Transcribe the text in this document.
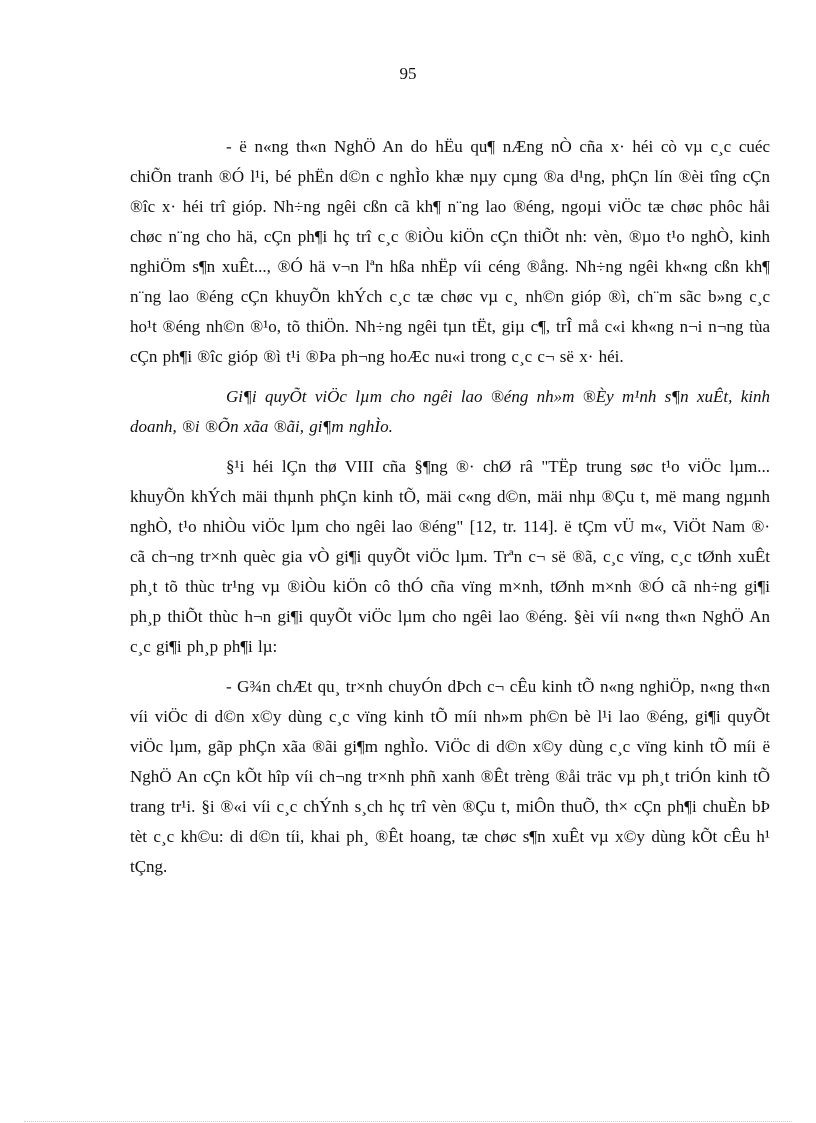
95

- ë n«ng th«n NghÖ An do hËu qu¶ nÆng nÒ cña x· héi cò vµ c¸c cuéc chiÕn tranh ®Ó l¹i, bé phËn d©n c nghÌo khæ nµy cµng ®a d¹ng, phÇn lín ®èi tîng cÇn ®îc x· héi trî gióp. Nh÷ng ngêi cßn cã kh¶ n¨ng lao ®éng, ngoµi viÖc tæ chøc phôc håi chøc n¨ng cho hä, cÇn ph¶i hç trî c¸c ®iÒu kiÖn cÇn thiÕt nh: vèn, ®µo t¹o nghÒ, kinh nghiÖm s¶n xuÊt..., ®Ó hä v¬n lªn hßa nhËp víi céng ®ång. Nh÷ng ngêi kh«ng cßn kh¶ n¨ng lao ®éng cÇn khuyÕn khÝch c¸c tæ chøc vµ c¸ nh©n gióp ®ì, ch¨m sãc b»ng c¸c ho¹t ®éng nh©n ®¹o, tõ thiÖn. Nh÷ng ngêi tµn tËt, giµ c¶, trÎ må c«i kh«ng n¬i n¬ng tùa cÇn ph¶i ®îc gióp ®ì t¹i ®Þa ph¬ng hoÆc nu«i trong c¸c c¬ së x· héi.

Gi¶i quyÕt viÖc lµm cho ngêi lao ®éng nh»m ®Èy m¹nh s¶n xuÊt, kinh doanh, ®i ®Õn xãa ®ãi, gi¶m nghÌo.

§¹i héi lÇn thø VIII cña §¶ng ®· chØ râ "TËp trung søc t¹o viÖc lµm... khuyÕn khÝch mäi thµnh phÇn kinh tÕ, mäi c«ng d©n, mäi nhµ ®Çu t, më mang ngµnh nghÒ, t¹o nhiÒu viÖc lµm cho ngêi lao ®éng" [12, tr. 114]. ë tÇm vÜ m«, ViÖt Nam ®· cã ch¬ng tr×nh quèc gia vÒ gi¶i quyÕt viÖc lµm. Trªn c¬ së ®ã, c¸c vïng, c¸c tØnh xuÊt ph¸t tõ thùc tr¹ng vµ ®iÒu kiÖn cô thÓ cña vïng m×nh, tØnh m×nh ®Ó cã nh÷ng gi¶i ph¸p thiÕt thùc h¬n gi¶i quyÕt viÖc lµm cho ngêi lao ®éng. §èi víi n«ng th«n NghÖ An c¸c gi¶i ph¸p ph¶i lµ:

- G¾n chÆt qu¸ tr×nh chuyÓn dÞch c¬ cÊu kinh tÕ n«ng nghiÖp, n«ng th«n víi viÖc di d©n x©y dùng c¸c vïng kinh tÕ míi nh»m ph©n bè l¹i lao ®éng, gi¶i quyÕt viÖc lµm, gãp phÇn xãa ®ãi gi¶m nghÌo. ViÖc di d©n x©y dùng c¸c vïng kinh tÕ míi ë NghÖ An cÇn kÕt hîp víi ch¬ng tr×nh phñ xanh ®Êt trèng ®åi träc vµ ph¸t triÓn kinh tÕ trang tr¹i. §i ®«i víi c¸c chÝnh s¸ch hç trî vèn ®Çu t, miÔn thuÕ, th× cÇn ph¶i chuÈn bÞ tèt c¸c kh©u: di d©n tíi, khai ph¸ ®Êt hoang, tæ chøc s¶n xuÊt vµ x©y dùng kÕt cÊu h¹ tÇng.
